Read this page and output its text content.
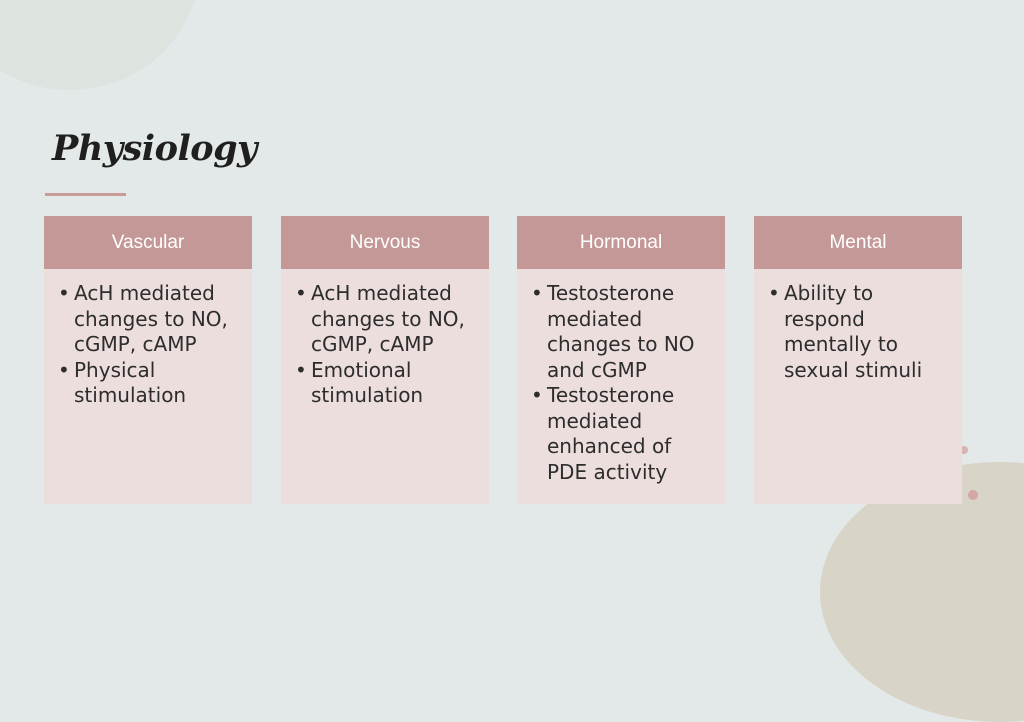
Physiology
Vascular
• AcH mediated changes to NO, cGMP, cAMP
• Physical stimulation
Nervous
• AcH mediated changes to NO, cGMP, cAMP
• Emotional stimulation
Hormonal
• Testosterone mediated changes to NO and cGMP
• Testosterone mediated enhanced of PDE activity
Mental
• Ability to respond mentally to sexual stimuli
